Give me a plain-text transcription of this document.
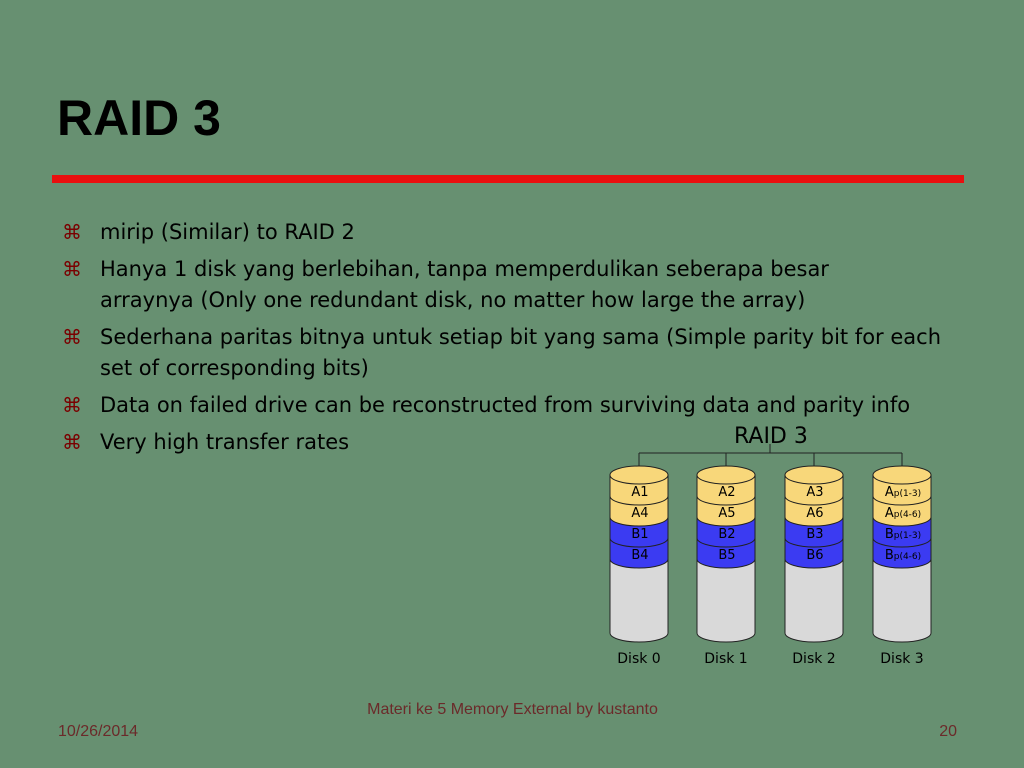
RAID 3
⌘ mirip (Similar) to RAID 2
⌘ Hanya 1 disk yang berlebihan, tanpa memperdulikan seberapa besar arraynya (Only one redundant disk, no matter how large the array)
⌘ Sederhana paritas bitnya untuk setiap bit yang sama (Simple parity bit for each set of corresponding bits)
⌘ Data on failed drive can be reconstructed from surviving data and parity info
⌘ Very high transfer rates	RAID 3
A1
A4
B1
B4
Disk 0
A2
A5
B2
B5
Disk 1
A3
A6
B3
B6
Disk 2
Ap(1-3)
Ap(4-6)
Bp(1-3)
Bp(4-6)
Disk 3
10/26/2014
Materi ke 5 Memory External by kustanto
20
